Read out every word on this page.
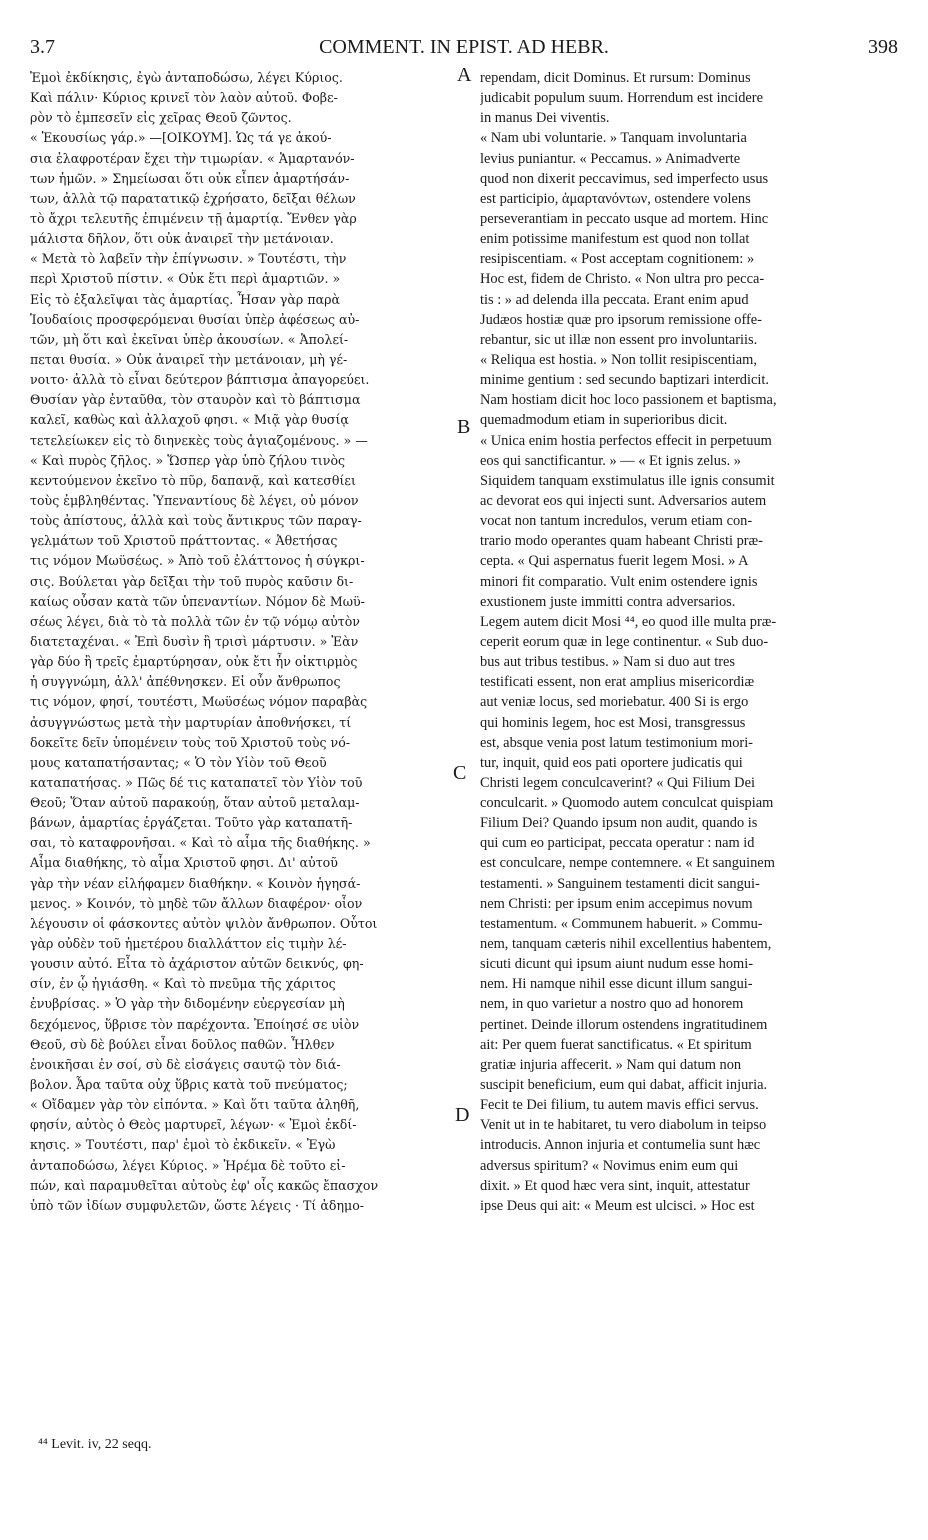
3.7	COMMENT. IN EPIST. AD HEBR.	398
Ἐμοὶ ἐκδίκησις, ἐγὼ ἀνταποδώσω, λέγει Κύριος.
Καὶ πάλιν· Κύριος κρινεῖ τὸν λαὸν αὐτοῦ. Φοβε-
ρὸν τὸ ἐμπεσεῖν εἰς χεῖρας Θεοῦ ζῶντος.
« Ἑκουσίως γάρ.» —[ΟΙΚΟΥΜ]. Ὡς τά γε ἀκού-
σια ἐλαφροτέραν ἔχει τὴν τιμωρίαν. « Ἁμαρτανόν-
των ἡμῶν. » Σημείωσαι ὅτι οὐκ εἶπεν ἁμαρτήσάν-
των, ἀλλὰ τῷ παρατατικῷ ἐχρήσατο, δεῖξαι θέλων
τὸ ἄχρι τελευτῆς ἐπιμένειν τῇ ἁμαρτίᾳ. Ἔνθεν γὰρ
μάλιστα δῆλον, ὅτι οὐκ ἀναιρεῖ τὴν μετάνοιαν.
« Μετὰ τὸ λαβεῖν τὴν ἐπίγνωσιν. » Τουτέστι, τὴν
περὶ Χριστοῦ πίστιν. « Οὐκ ἔτι περὶ ἁμαρτιῶν. »
Εἰς τὸ ἐξαλεῖψαι τὰς ἁμαρτίας. Ἦσαν γὰρ παρὰ
Ἰουδαίοις προσφερόμεναι θυσίαι ὑπὲρ ἀφέσεως αὐ-
τῶν, μὴ ὅτι καὶ ἐκεῖναι ὑπὲρ ἀκουσίων. « Ἀπολεί-
πεται θυσία. » Οὐκ ἀναιρεῖ τὴν μετάνοιαν, μὴ γέ-
νοιτο· ἀλλὰ τὸ εἶναι δεύτερον βάπτισμα ἀπαγορεύει.
Θυσίαν γὰρ ἐνταῦθα, τὸν σταυρὸν καὶ τὸ βάπτισμα
καλεῖ, καθὼς καὶ ἀλλαχοῦ φησι. « Μιᾷ γὰρ θυσίᾳ
τετελείωκεν εἰς τὸ διηνεκὲς τοὺς ἁγιαζομένους. » —
« Καὶ πυρὸς ζῆλος. » Ὥσπερ γὰρ ὑπὸ ζήλου τινὸς
κεντούμενον ἐκεῖνο τὸ πῦρ, δαπανᾷ, καὶ κατεσθίει
τοὺς ἐμβληθέντας. Ὑπεναντίους δὲ λέγει, οὐ μόνον
τοὺς ἀπίστους, ἀλλὰ καὶ τοὺς ἄντικρυς τῶν παραγ-
γελμάτων τοῦ Χριστοῦ πράττοντας. « Ἀθετήσας
τις νόμον Μωϋσέως. » Ἀπὸ τοῦ ἐλάττονος ἡ σύγκρι-
σις. Βούλεται γὰρ δεῖξαι τὴν τοῦ πυρὸς καῦσιν δι-
καίως οὖσαν κατὰ τῶν ὑπεναντίων. Νόμον δὲ Μωϋ-
σέως λέγει, διὰ τὸ τὰ πολλὰ τῶν ἐν τῷ νόμῳ αὐτὸν
διατεταχέναι. « Ἐπὶ δυσὶν ἢ τρισὶ μάρτυσιν. » Ἐὰν
γὰρ δύο ἢ τρεῖς ἐμαρτύρησαν, οὐκ ἔτι ἦν οἰκτιρμὸς
ἡ συγγνώμη, ἀλλ' ἀπέθνησκεν. Εἰ οὖν ἄνθρωπος
τις νόμον, φησί, τουτέστι, Μωϋσέως νόμον παραβὰς
ἀσυγγνώστως μετὰ τὴν μαρτυρίαν ἀποθνήσκει, τί
δοκεῖτε δεῖν ὑπομένειν τοὺς τοῦ Χριστοῦ τοὺς νό-
μους καταπατήσαντας; « Ὁ τὸν Υἱὸν τοῦ Θεοῦ
καταπατήσας. » Πῶς δέ τις καταπατεῖ τὸν Υἱὸν τοῦ
Θεοῦ; Ὅταν αὐτοῦ παρακούῃ, ὅταν αὐτοῦ μεταλαμ-
βάνων, ἁμαρτίας ἐργάζεται. Τοῦτο γὰρ καταπατῆ-
σαι, τὸ καταφρονῆσαι. « Καὶ τὸ αἷμα τῆς διαθήκης. »
Αἷμα διαθήκης, τὸ αἷμα Χριστοῦ φησι. Δι' αὐτοῦ
γὰρ τὴν νέαν εἰλήφαμεν διαθήκην. « Κοινὸν ἡγησά-
μενος. » Κοινόν, τὸ μηδὲ τῶν ἄλλων διαφέρον· οἷον
λέγουσιν οἱ φάσκοντες αὐτὸν ψιλὸν ἄνθρωπον. Οὗτοι
γὰρ οὐδὲν τοῦ ἡμετέρου διαλλάττον εἰς τιμὴν λέ-
γουσιν αὐτό. Εἶτα τὸ ἀχάριστον αὐτῶν δεικνύς, φη-
σίν, ἐν ᾧ ἡγιάσθη. « Καὶ τὸ πνεῦμα τῆς χάριτος
ἐνυβρίσας. » Ὁ γὰρ τὴν διδομένην εὐεργεσίαν μὴ
δεχόμενος, ὕβρισε τὸν παρέχοντα. Ἐποίησέ σε υἱὸν
Θεοῦ, σὺ δὲ βούλει εἶναι δοῦλος παθῶν. Ἦλθεν
ἐνοικῆσαι ἐν σοί, σὺ δὲ εἰσάγεις σαυτῷ τὸν διά-
βολον. Ἆρα ταῦτα οὐχ ὕβρις κατὰ τοῦ πνεύματος;
« Οἴδαμεν γὰρ τὸν εἰπόντα. » Καὶ ὅτι ταῦτα ἀληθῆ,
φησίν, αὐτὸς ὁ Θεὸς μαρτυρεῖ, λέγων· « Ἐμοὶ ἐκδί-
κησις. » Τουτέστι, παρ' ἐμοὶ τὸ ἐκδικεῖν. « Ἐγὼ
ἀνταποδώσω, λέγει Κύριος. » Ἠρέμα δὲ τοῦτο εἰ-
πών, καὶ παραμυθεῖται αὐτοὺς ἐφ' οἷς κακῶς ἔπασχον
ὑπὸ τῶν ἰδίων συμφυλετῶν, ὥστε λέγεις · Τί ἀδημο-
rependam, dicit Dominus. Et rursum: Dominus
judicabit populum suum. Horrendum est incidere
in manus Dei viventis.
« Nam ubi voluntarie. » Tanquam involuntaria
levius puniantur. « Peccamus. » Animadverte
quod non dixerit peccavimus, sed imperfecto usus
est participio, ἁμαρτανόντων, ostendere volens
perseverantiam in peccato usque ad mortem. Hinc
enim potissime manifestum est quod non tollat
resipiscentiam. « Post acceptam cognitionem: »
Hoc est, fidem de Christo. « Non ultra pro pecca-
tis : » ad delenda illa peccata. Erant enim apud
Judæos hostiæ quæ pro ipsorum remissione offe-
rebantur, sic ut illæ non essent pro involuntariis.
« Reliqua est hostia. » Non tollit resipiscentiam,
minime gentium : sed secundo baptizari interdicit.
Nam hostiam dicit hoc loco passionem et baptisma,
quemadmodum etiam in superioribus dicit.
« Unica enim hostia perfectos effecit in perpetuum
eos qui sanctificantur. » — « Et ignis zelus. »
Siquidem tanquam exstimulatus ille ignis consumit
ac devorat eos qui injecti sunt. Adversarios autem
vocat non tantum incredulos, verum etiam con-
trario modo operantes quam habeant Christi præ-
cepta. « Qui aspernatus fuerit legem Mosi. » A
minori fit comparatio. Vult enim ostendere ignis
exustionem juste immitti contra adversarios.
Legem autem dicit Mosi ⁴⁴, eo quod ille multa præ-
ceperit eorum quæ in lege continentur. « Sub duo-
bus aut tribus testibus. » Nam si duo aut tres
testificati essent, non erat amplius misericordiæ
aut veniæ locus, sed moriebatur. 400 Si is ergo
qui hominis legem, hoc est Mosi, transgressus
est, absque venia post latum testimonium mori-
tur, inquit, quid eos pati oportere judicatis qui
Christi legem conculcaverint? « Qui Filium Dei
conculcarit. » Quomodo autem conculcat quispiam
Filium Dei? Quando ipsum non audit, quando is
qui cum eo participat, peccata operatur : nam id
est conculcare, nempe contemnere. « Et sanguinem
testamenti. » Sanguinem testamenti dicit sangui-
nem Christi: per ipsum enim accepimus novum
testamentum. « Communem habuerit. » Commu-
nem, tanquam cæteris nihil excellentius habentem,
sicuti dicunt qui ipsum aiunt nudum esse homi-
nem. Hi namque nihil esse dicunt illum sangui-
nem, in quo varietur a nostro quo ad honorem
pertinet. Deinde illorum ostendens ingratitudinem
ait: Per quem fuerat sanctificatus. « Et spiritum
gratiæ injuria affecerit. » Nam qui datum non
suscipit beneficium, eum qui dabat, afficit injuria.
Fecit te Dei filium, tu autem mavis effici servus.
Venit ut in te habitaret, tu vero diabolum in teipso
introducis. Annon injuria et contumelia sunt hæc
adversus spiritum? « Novimus enim eum qui
dixit. » Et quod hæc vera sint, inquit, attestatur
ipse Deus qui ait: « Meum est ulcisci. » Hoc est
A
B
C
D
⁴⁴ Levit. iv, 22 seqq.
